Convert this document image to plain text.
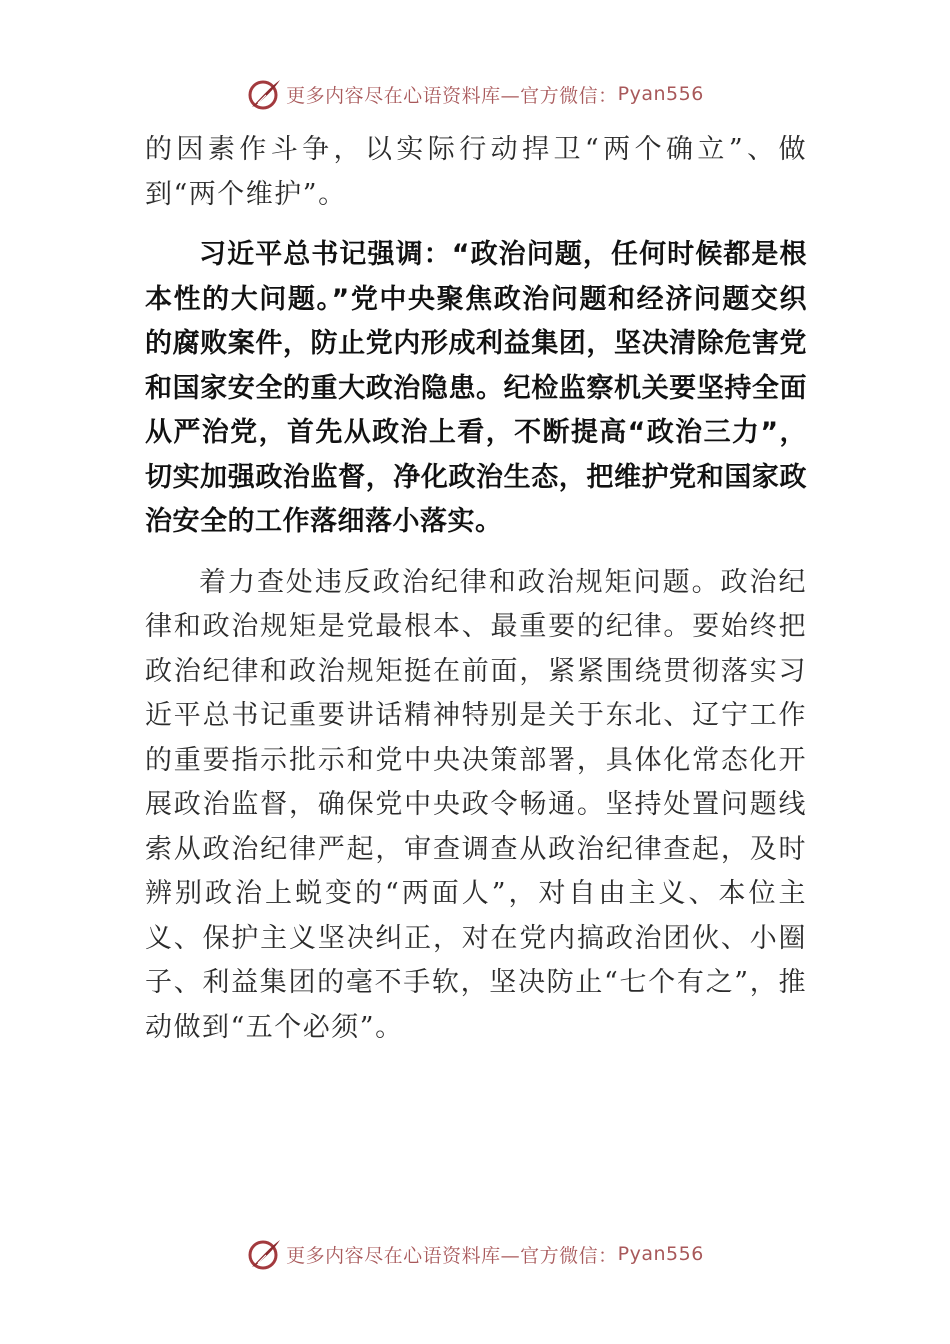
更多内容尽在心语资料库—官方微信： Pyan556

的因素作斗争，以实际行动捍卫“两个确立”、做到“两个维护”。

习近平总书记强调：“政治问题，任何时候都是根本性的大问题。”党中央聚焦政治问题和经济问题交织的腐败案件，防止党内形成利益集团，坚决清除危害党和国家安全的重大政治隐患。纪检监察机关要坚持全面从严治党，首先从政治上看，不断提高“政治三力”，切实加强政治监督，净化政治生态，把维护党和国家政治安全的工作落细落小落实。

着力查处违反政治纪律和政治规矩问题。政治纪律和政治规矩是党最根本、最重要的纪律。要始终把政治纪律和政治规矩挺在前面，紧紧围绕贯彻落实习近平总书记重要讲话精神特别是关于东北、辽宁工作的重要指示批示和党中央决策部署，具体化常态化开展政治监督，确保党中央政令畅通。坚持处置问题线索从政治纪律严起，审查调查从政治纪律查起，及时辨别政治上蜕变的“两面人”，对自由主义、本位主义、保护主义坚决纠正，对在党内搞政治团伙、小圈子、利益集团的毫不手软，坚决防止“七个有之”，推动做到“五个必须”。

更多内容尽在心语资料库—官方微信： Pyan556
